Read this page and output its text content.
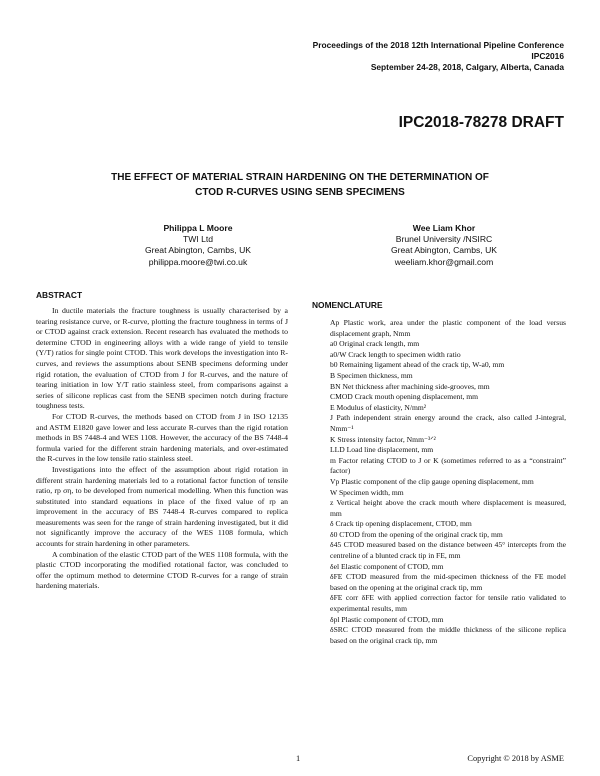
Proceedings of the 2018 12th International Pipeline Conference
IPC2016
September 24-28, 2018, Calgary, Alberta, Canada
IPC2018-78278 DRAFT
THE EFFECT OF MATERIAL STRAIN HARDENING ON THE DETERMINATION OF
CTOD R-CURVES USING SENB SPECIMENS
Philippa L Moore
TWI Ltd
Great Abington, Cambs, UK
philippa.moore@twi.co.uk
Wee Liam Khor
Brunel University /NSIRC
Great Abington, Cambs, UK
weeliam.khor@gmail.com
ABSTRACT

In ductile materials the fracture toughness is usually characterised by a tearing resistance curve, or R-curve, plotting the fracture toughness in terms of J or CTOD against crack extension. Recent research has evaluated the methods to determine CTOD in engineering alloys with a wide range of yield to tensile (Y/T) ratios for single point CTOD. This work develops the investigation into R-curves, and reviews the assumptions about SENB specimens deforming under rigid rotation, the evaluation of CTOD from J for R-curves, and the nature of tearing initiation in low Y/T ratio stainless steel, from comparisons against a series of silicone replicas cast from the SENB specimen notch during fracture toughness tests.

For CTOD R-curves, the methods based on CTOD from J in ISO 12135 and ASTM E1820 gave lower and less accurate R-curves than the rigid rotation methods in BS 7448-4 and WES 1108. However, the accuracy of the BS 7448-4 formula varied for the different strain hardening materials, and over-estimated the R-curves in the low tensile ratio stainless steel.

Investigations into the effect of the assumption about rigid rotation in different strain hardening materials led to a rotational factor function of tensile ratio, rp ση, to be developed from numerical modelling. When this function was substituted into standard equations in place of the fixed value of rp an improvement in the accuracy of BS 7448-4 R-curves compared to replica measurements was seen for the range of strain hardening investigated, but it did not significantly improve the accuracy of the WES 1108 formula, which accounts for strain hardening in other parameters.

A combination of the elastic CTOD part of the WES 1108 formula, with the plastic CTOD incorporating the modified rotational factor, was concluded to offer the optimum method to determine CTOD R-curves for a range of strain hardening materials.

NOMENCLATURE
Ap Plastic work, area under the plastic component of the load versus displacement graph, Nmm
a0 Original crack length, mm
a0/W Crack length to specimen width ratio
b0 Remaining ligament ahead of the crack tip, W-a0, mm
B Specimen thickness, mm
BN Net thickness after machining side-grooves, mm
CMOD Crack mouth opening displacement, mm
E Modulus of elasticity, N/mm²
J Path independent strain energy around the crack, also called J-integral, Nmm⁻¹
K Stress intensity factor, Nmm⁻³ᐟ²
LLD Load line displacement, mm
m Factor relating CTOD to J or K (sometimes referred to as a “constraint” factor)
Vp Plastic component of the clip gauge opening displacement, mm
W Specimen width, mm
z Vertical height above the crack mouth where displacement is measured, mm
δ Crack tip opening displacement, CTOD, mm
δ0 CTOD from the opening of the original crack tip, mm
δ45 CTOD measured based on the distance between 45° intercepts from the centreline of a blunted crack tip in FE, mm
δel Elastic component of CTOD, mm
δFE CTOD measured from the mid-specimen thickness of the FE model based on the opening at the original crack tip, mm
δFE corr δFE with applied correction factor for tensile ratio validated to experimental results, mm
δpl Plastic component of CTOD, mm
δSRC CTOD measured from the middle thickness of the silicone replica based on the original crack tip, mm
1	Copyright © 2018 by ASME
